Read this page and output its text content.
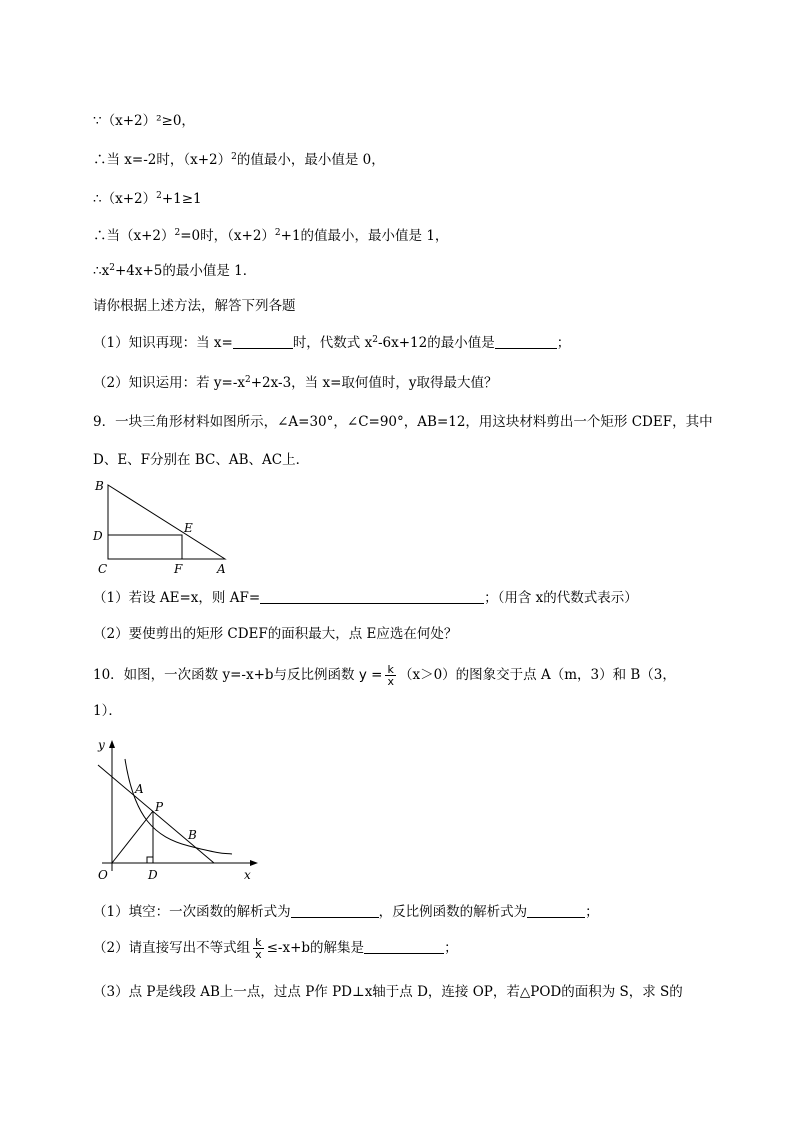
∵（x+2）²≥0，
∴当 x=-2时，$(x+2)^2$的值最小，最小值是 0，
$\therefore(x+2)^2+1\ge 1$
∴当$(x+2)^2=0$时，$(x+2)^2+1$的值最小，最小值是 1，
$\therefore x^2+4x+5$的最小值是 1．
请你根据上述方法，解答下列各题
（1）知识再现：当 x=	时，代数式 $x^2-6x+12$的最小值是	；
（2）知识运用：若 $y=-x^2+2x-3$，当 x=取何值时，y取得最大值？
9．一块三角形材料如图所示，∠A=30°，∠C=90°，AB=12，用这块材料剪出一个矩形 CDEF，其中
D、E、F分别在 BC、AB、AC上．
B
D
E
C	F	A
（1）若设 AE=x，则 AF=	；（用含 x的代数式表示）
（2）要使剪出的矩形 CDEF的面积最大，点 E应选在何处？
10．如图，一次函数 y=-x+b与反比例函数 $y = \frac{k}{x} (x>0)$的图象交于点 A（m，3）和 B（3，
1）．
y
x
O
A
P
B
D
（1）填空：一次函数的解析式为	，反比例函数的解析式为	；
（2）请直接写出不等式组 $\frac{k}{x} \le-x+b$的解集是	；
（3）点 P是线段 AB上一点，过点 P作 PD⊥x轴于点 D，连接 OP，若△POD的面积为 S，求 S的
